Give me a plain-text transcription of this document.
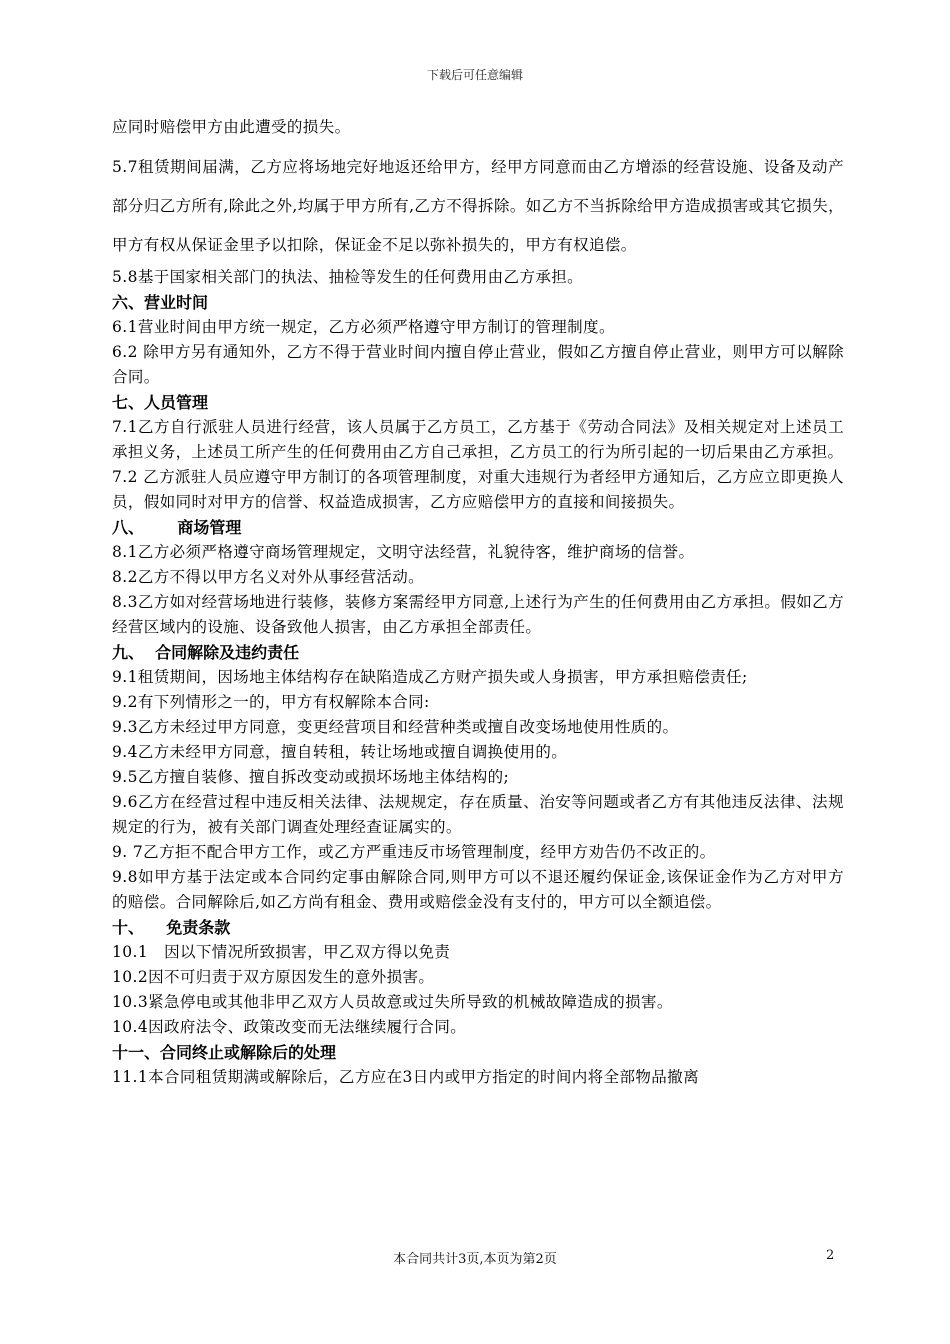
下载后可任意编辑

应同时赔偿甲方由此遭受的损失。

5.7租赁期间届满，乙方应将场地完好地返还给甲方，经甲方同意而由乙方增添的经营设施、设备及动产部分归乙方所有,除此之外,均属于甲方所有,乙方不得拆除。如乙方不当拆除给甲方造成损害或其它损失，甲方有权从保证金里予以扣除，保证金不足以弥补损失的，甲方有权追偿。

5.8基于国家相关部门的执法、抽检等发生的任何费用由乙方承担。

六、营业时间

6.1营业时间由甲方统一规定，乙方必须严格遵守甲方制订的管理制度。

6.2 除甲方另有通知外，乙方不得于营业时间内擅自停止营业，假如乙方擅自停止营业，则甲方可以解除合同。

七、人员管理

7.1乙方自行派驻人员进行经营，该人员属于乙方员工，乙方基于《劳动合同法》及相关规定对上述员工承担义务，上述员工所产生的任何费用由乙方自己承担，乙方员工的行为所引起的一切后果由乙方承担。

7.2 乙方派驻人员应遵守甲方制订的各项管理制度，对重大违规行为者经甲方通知后，乙方应立即更换人员，假如同时对甲方的信誉、权益造成损害，乙方应赔偿甲方的直接和间接损失。

八、      商场管理

8.1乙方必须严格遵守商场管理规定，文明守法经营，礼貌待客，维护商场的信誉。

8.2乙方不得以甲方名义对外从事经营活动。

8.3乙方如对经营场地进行装修，装修方案需经甲方同意,上述行为产生的任何费用由乙方承担。假如乙方经营区域内的设施、设备致他人损害，由乙方承担全部责任。

九、  合同解除及违约责任

9.1租赁期间，因场地主体结构存在缺陷造成乙方财产损失或人身损害，甲方承担赔偿责任;

9.2有下列情形之一的，甲方有权解除本合同:

9.3乙方未经过甲方同意，变更经营项目和经营种类或擅自改变场地使用性质的。

9.4乙方未经甲方同意，擅自转租，转让场地或擅自调换使用的。

9.5乙方擅自装修、擅自拆改变动或损坏场地主体结构的;

9.6乙方在经营过程中违反相关法律、法规规定，存在质量、治安等问题或者乙方有其他违反法律、法规规定的行为，被有关部门调查处理经查证属实的。

9. 7乙方拒不配合甲方工作，或乙方严重违反市场管理制度，经甲方劝告仍不改正的。

9.8如甲方基于法定或本合同约定事由解除合同,则甲方可以不退还履约保证金,该保证金作为乙方对甲方的赔偿。合同解除后,如乙方尚有租金、费用或赔偿金没有支付的，甲方可以全额追偿。

十、    免责条款

10.1   因以下情况所致损害，甲乙双方得以免责

10.2因不可归责于双方原因发生的意外损害。

10.3紧急停电或其他非甲乙双方人员故意或过失所导致的机械故障造成的损害。

10.4因政府法令、政策改变而无法继续履行合同。

十一、合同终止或解除后的处理

11.1本合同租赁期满或解除后，乙方应在3日内或甲方指定的时间内将全部物品撤离

本合同共计3页,本页为第2页	2
